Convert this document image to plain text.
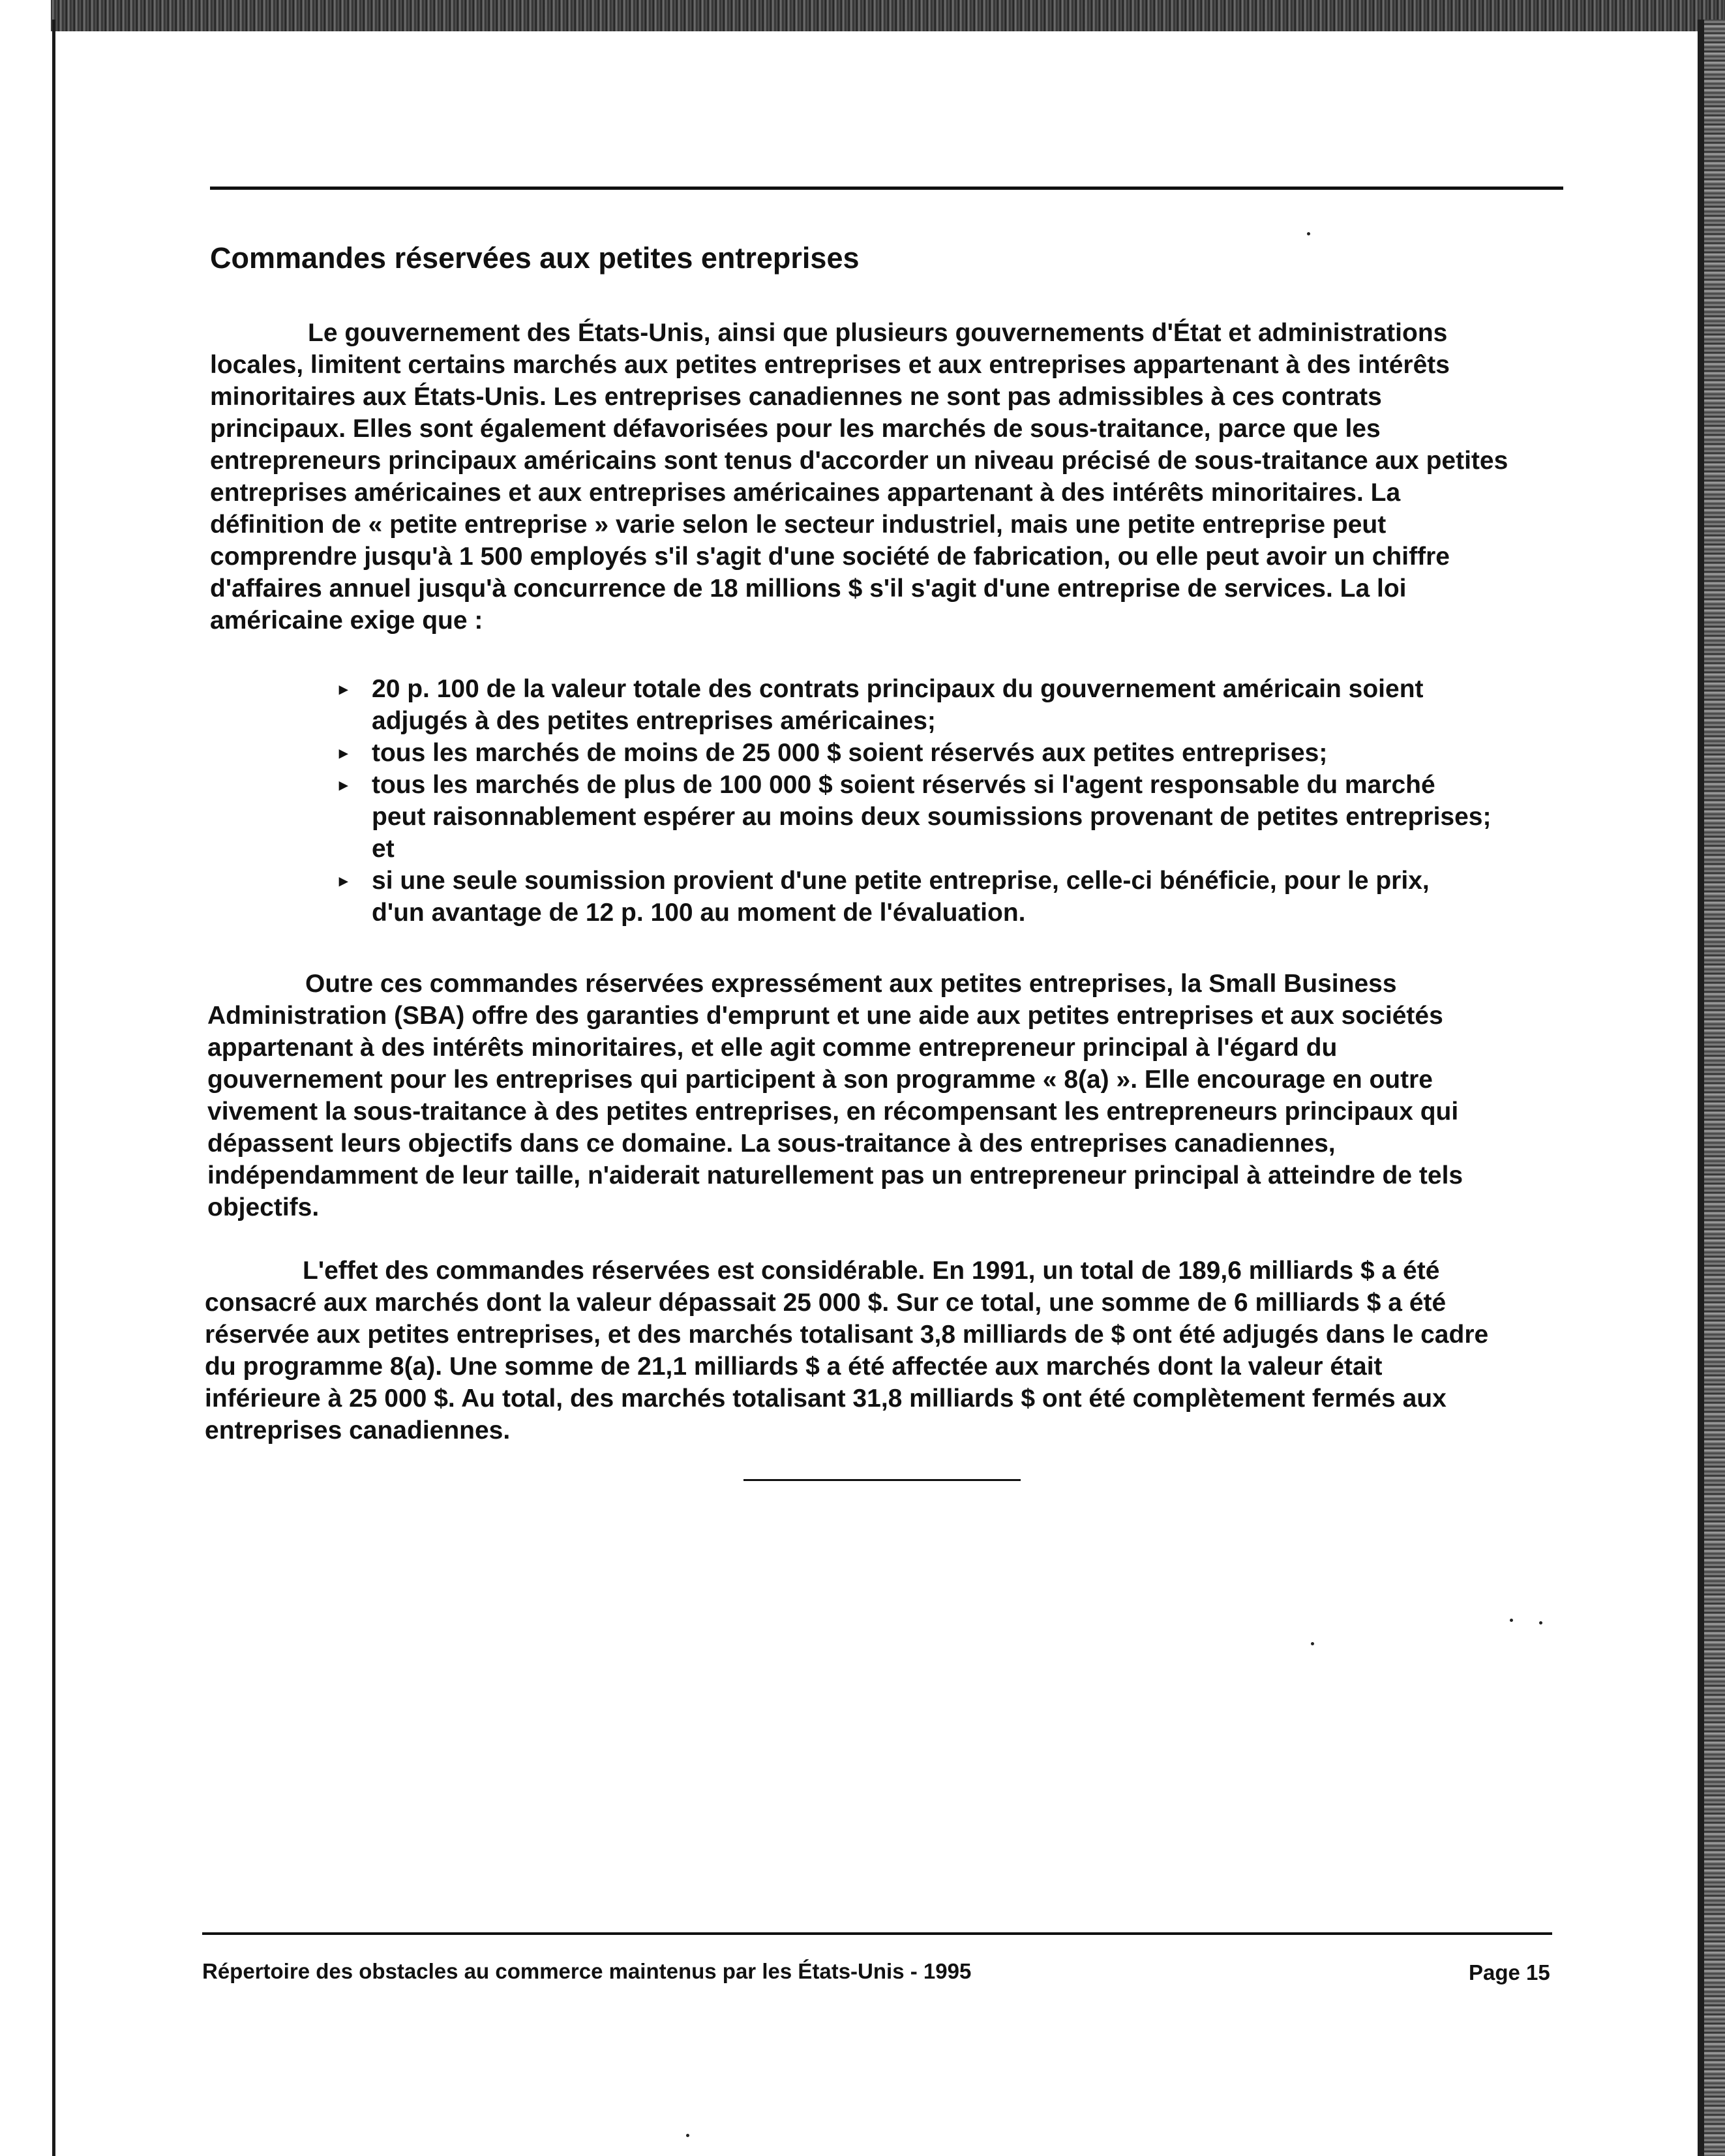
Commandes réservées aux petites entreprises
Le gouvernement des États-Unis, ainsi que plusieurs gouvernements d'État et administrations
locales, limitent certains marchés aux petites entreprises et aux entreprises appartenant à des intérêts
minoritaires aux États-Unis. Les entreprises canadiennes ne sont pas admissibles à ces contrats
principaux. Elles sont également défavorisées pour les marchés de sous-traitance, parce que les
entrepreneurs principaux américains sont tenus d'accorder un niveau précisé de sous-traitance aux petites
entreprises américaines et aux entreprises américaines appartenant à des intérêts minoritaires. La
définition de « petite entreprise » varie selon le secteur industriel, mais une petite entreprise peut
comprendre jusqu'à 1 500 employés s'il s'agit d'une société de fabrication, ou elle peut avoir un chiffre
d'affaires annuel jusqu'à concurrence de 18 millions $ s'il s'agit d'une entreprise de services. La loi
américaine exige que :
▸ 20 p. 100 de la valeur totale des contrats principaux du gouvernement américain soient
adjugés à des petites entreprises américaines;
▸ tous les marchés de moins de 25 000 $ soient réservés aux petites entreprises;
▸ tous les marchés de plus de 100 000 $ soient réservés si l'agent responsable du marché
peut raisonnablement espérer au moins deux soumissions provenant de petites entreprises;
et
▸ si une seule soumission provient d'une petite entreprise, celle-ci bénéficie, pour le prix,
d'un avantage de 12 p. 100 au moment de l'évaluation.
Outre ces commandes réservées expressément aux petites entreprises, la Small Business
Administration (SBA) offre des garanties d'emprunt et une aide aux petites entreprises et aux sociétés
appartenant à des intérêts minoritaires, et elle agit comme entrepreneur principal à l'égard du
gouvernement pour les entreprises qui participent à son programme « 8(a) ». Elle encourage en outre
vivement la sous-traitance à des petites entreprises, en récompensant les entrepreneurs principaux qui
dépassent leurs objectifs dans ce domaine. La sous-traitance à des entreprises canadiennes,
indépendamment de leur taille, n'aiderait naturellement pas un entrepreneur principal à atteindre de tels
objectifs.
L'effet des commandes réservées est considérable. En 1991, un total de 189,6 milliards $ a été
consacré aux marchés dont la valeur dépassait 25 000 $. Sur ce total, une somme de 6 milliards $ a été
réservée aux petites entreprises, et des marchés totalisant 3,8 milliards de $ ont été adjugés dans le cadre
du programme 8(a). Une somme de 21,1 milliards $ a été affectée aux marchés dont la valeur était
inférieure à 25 000 $. Au total, des marchés totalisant 31,8 milliards $ ont été complètement fermés aux
entreprises canadiennes.
Répertoire des obstacles au commerce maintenus par les États-Unis - 1995	Page 15
